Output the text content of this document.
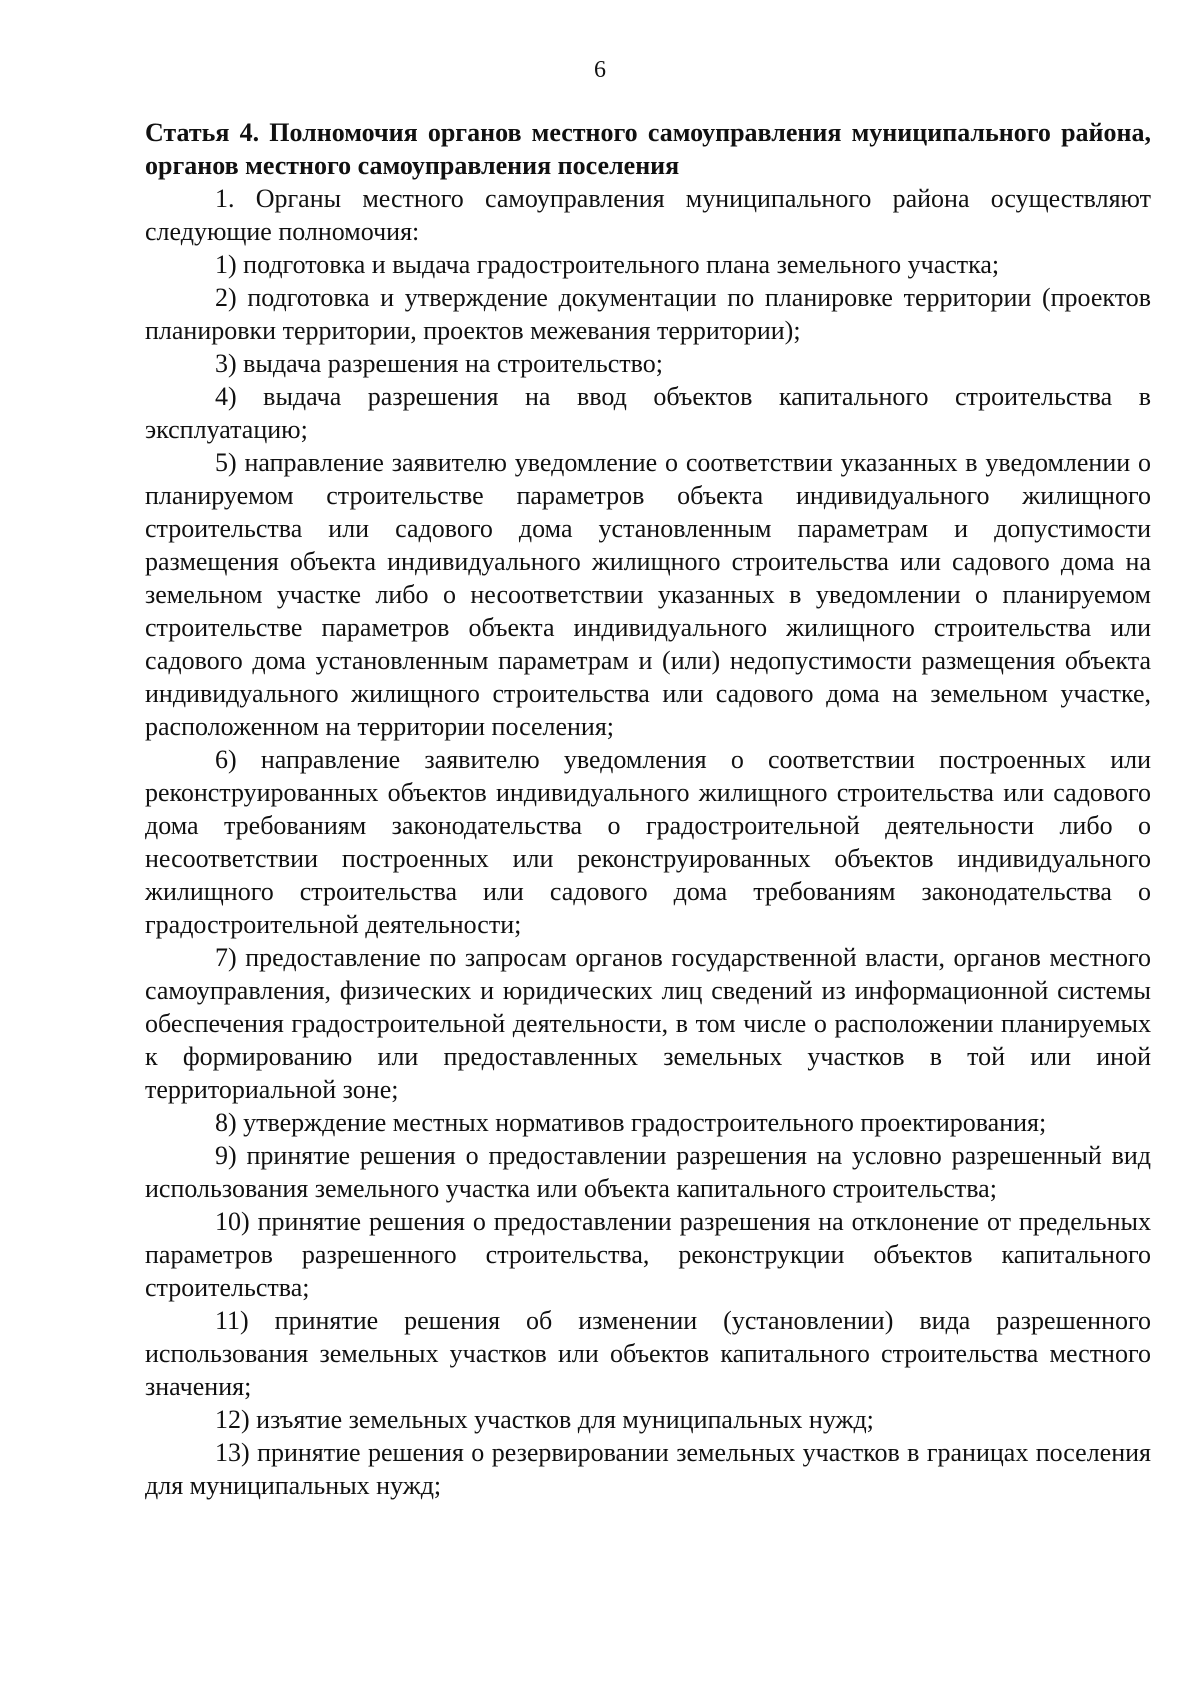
6

Статья 4. Полномочия органов местного самоуправления муниципального района, органов местного самоуправления поселения

1. Органы местного самоуправления муниципального района осуществляют следующие полномочия:

1) подготовка и выдача градостроительного плана земельного участка;

2) подготовка и утверждение документации по планировке территории (проектов планировки территории, проектов межевания территории);

3) выдача разрешения на строительство;

4) выдача разрешения на ввод объектов капитального строительства в эксплуатацию;

5) направление заявителю уведомление о соответствии указанных в уведомлении о планируемом строительстве параметров объекта индивидуального жилищного строительства или садового дома установленным параметрам и допустимости размещения объекта индивидуального жилищного строительства или садового дома на земельном участке либо о несоответствии указанных в уведомлении о планируемом строительстве параметров объекта индивидуального жилищного строительства или садового дома установленным параметрам и (или) недопустимости размещения объекта индивидуального жилищного строительства или садового дома на земельном участке, расположенном на территории поселения;

6) направление заявителю уведомления о соответствии построенных или реконструированных объектов индивидуального жилищного строительства или садового дома требованиям законодательства о градостроительной деятельности либо о несоответствии построенных или реконструированных объектов индивидуального жилищного строительства или садового дома требованиям законодательства о градостроительной деятельности;

7) предоставление по запросам органов государственной власти, органов местного самоуправления, физических и юридических лиц сведений из информационной системы обеспечения градостроительной деятельности, в том числе о расположении планируемых к формированию или предоставленных земельных участков в той или иной территориальной зоне;

8) утверждение местных нормативов градостроительного проектирования;

9) принятие решения о предоставлении разрешения на условно разрешенный вид использования земельного участка или объекта капитального строительства;

10) принятие решения о предоставлении разрешения на отклонение от предельных параметров разрешенного строительства, реконструкции объектов капитального строительства;

11) принятие решения об изменении (установлении) вида разрешенного использования земельных участков или объектов капитального строительства местного значения;

12) изъятие земельных участков для муниципальных нужд;

13) принятие решения о резервировании земельных участков в границах поселения для муниципальных нужд;
